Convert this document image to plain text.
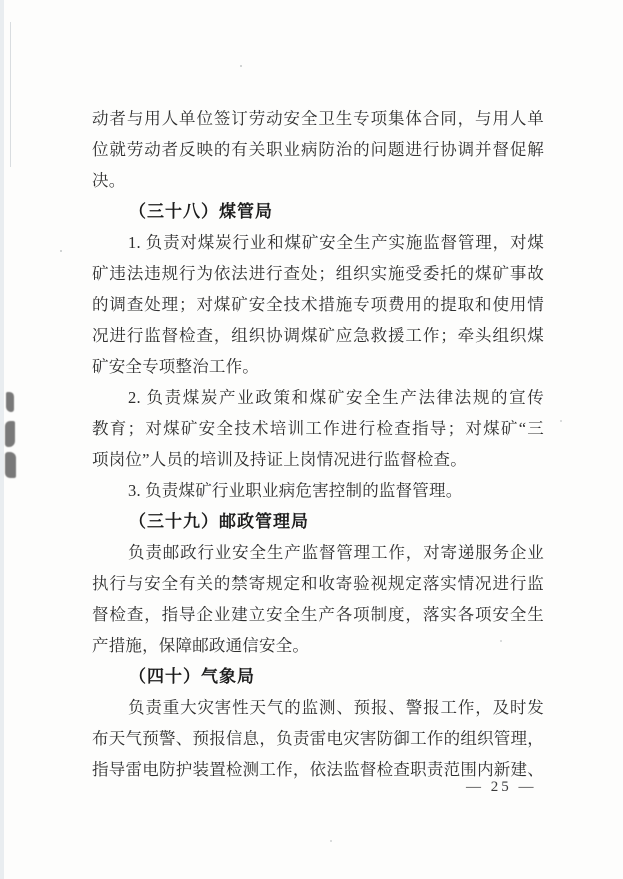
动者与用人单位签订劳动安全卫生专项集体合同，与用人单
位就劳动者反映的有关职业病防治的问题进行协调并督促解
决。
（三十八）煤管局
1. 负责对煤炭行业和煤矿安全生产实施监督管理，对煤
矿违法违规行为依法进行查处；组织实施受委托的煤矿事故
的调查处理；对煤矿安全技术措施专项费用的提取和使用情
况进行监督检查，组织协调煤矿应急救援工作；牵头组织煤
矿安全专项整治工作。
2. 负责煤炭产业政策和煤矿安全生产法律法规的宣传
教育；对煤矿安全技术培训工作进行检查指导；对煤矿“三
项岗位”人员的培训及持证上岗情况进行监督检查。
3. 负责煤矿行业职业病危害控制的监督管理。
（三十九）邮政管理局
负责邮政行业安全生产监督管理工作，对寄递服务企业
执行与安全有关的禁寄规定和收寄验视规定落实情况进行监
督检查，指导企业建立安全生产各项制度，落实各项安全生
产措施，保障邮政通信安全。
（四十）气象局
负责重大灾害性天气的监测、预报、警报工作，及时发
布天气预警、预报信息，负责雷电灾害防御工作的组织管理，
指导雷电防护装置检测工作，依法监督检查职责范围内新建、
— 25 —
